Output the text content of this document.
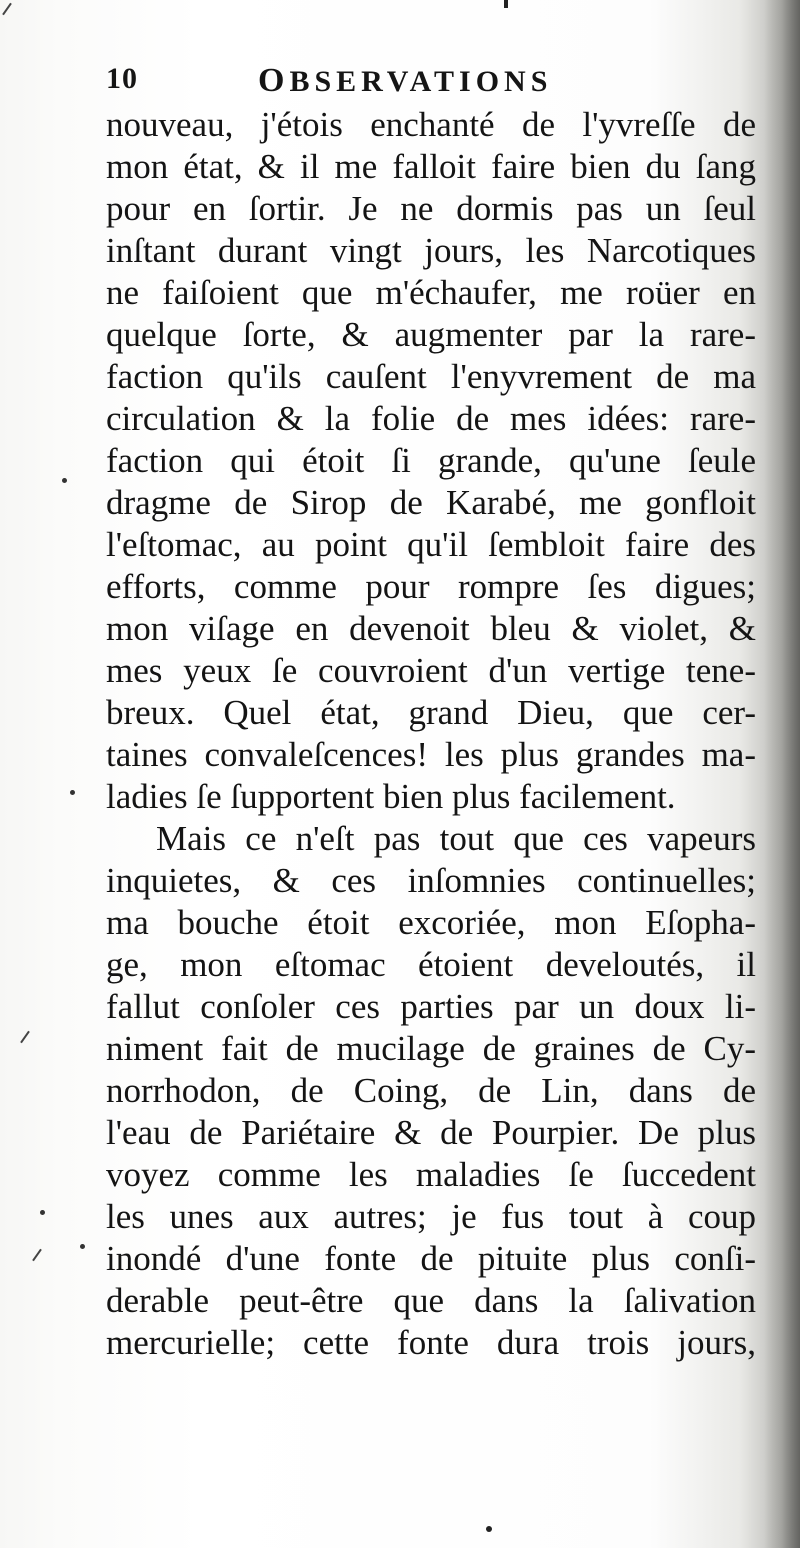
10	OBSERVATIONS
nouveau, j'étois enchanté de l'yvreſſe de
mon état, & il me falloit faire bien du ſang
pour en ſortir. Je ne dormis pas un ſeul
inſtant durant vingt jours, les Narcotiques
ne faiſoient que m'échaufer, me roüer en
quelque ſorte, & augmenter par la rare-
faction qu'ils cauſent l'enyvrement de ma
circulation & la folie de mes idées: rare-
faction qui étoit ſi grande, qu'une ſeule
dragme de Sirop de Karabé, me gonfloit
l'eſtomac, au point qu'il ſembloit faire des
efforts, comme pour rompre ſes digues;
mon viſage en devenoit bleu & violet, &
mes yeux ſe couvroient d'un vertige tene-
breux. Quel état, grand Dieu, que cer-
taines convaleſcences! les plus grandes ma-
ladies ſe ſupportent bien plus facilement.
Mais ce n'eſt pas tout que ces vapeurs
inquietes, & ces inſomnies continuelles;
ma bouche étoit excoriée, mon Eſopha-
ge, mon eſtomac étoient develoutés, il
fallut conſoler ces parties par un doux li-
niment fait de mucilage de graines de Cy-
norrhodon, de Coing, de Lin, dans de
l'eau de Pariétaire & de Pourpier. De plus
voyez comme les maladies ſe ſuccedent
les unes aux autres; je fus tout à coup
inondé d'une fonte de pituite plus conſi-
derable peut-être que dans la ſalivation
mercurielle; cette fonte dura trois jours,
